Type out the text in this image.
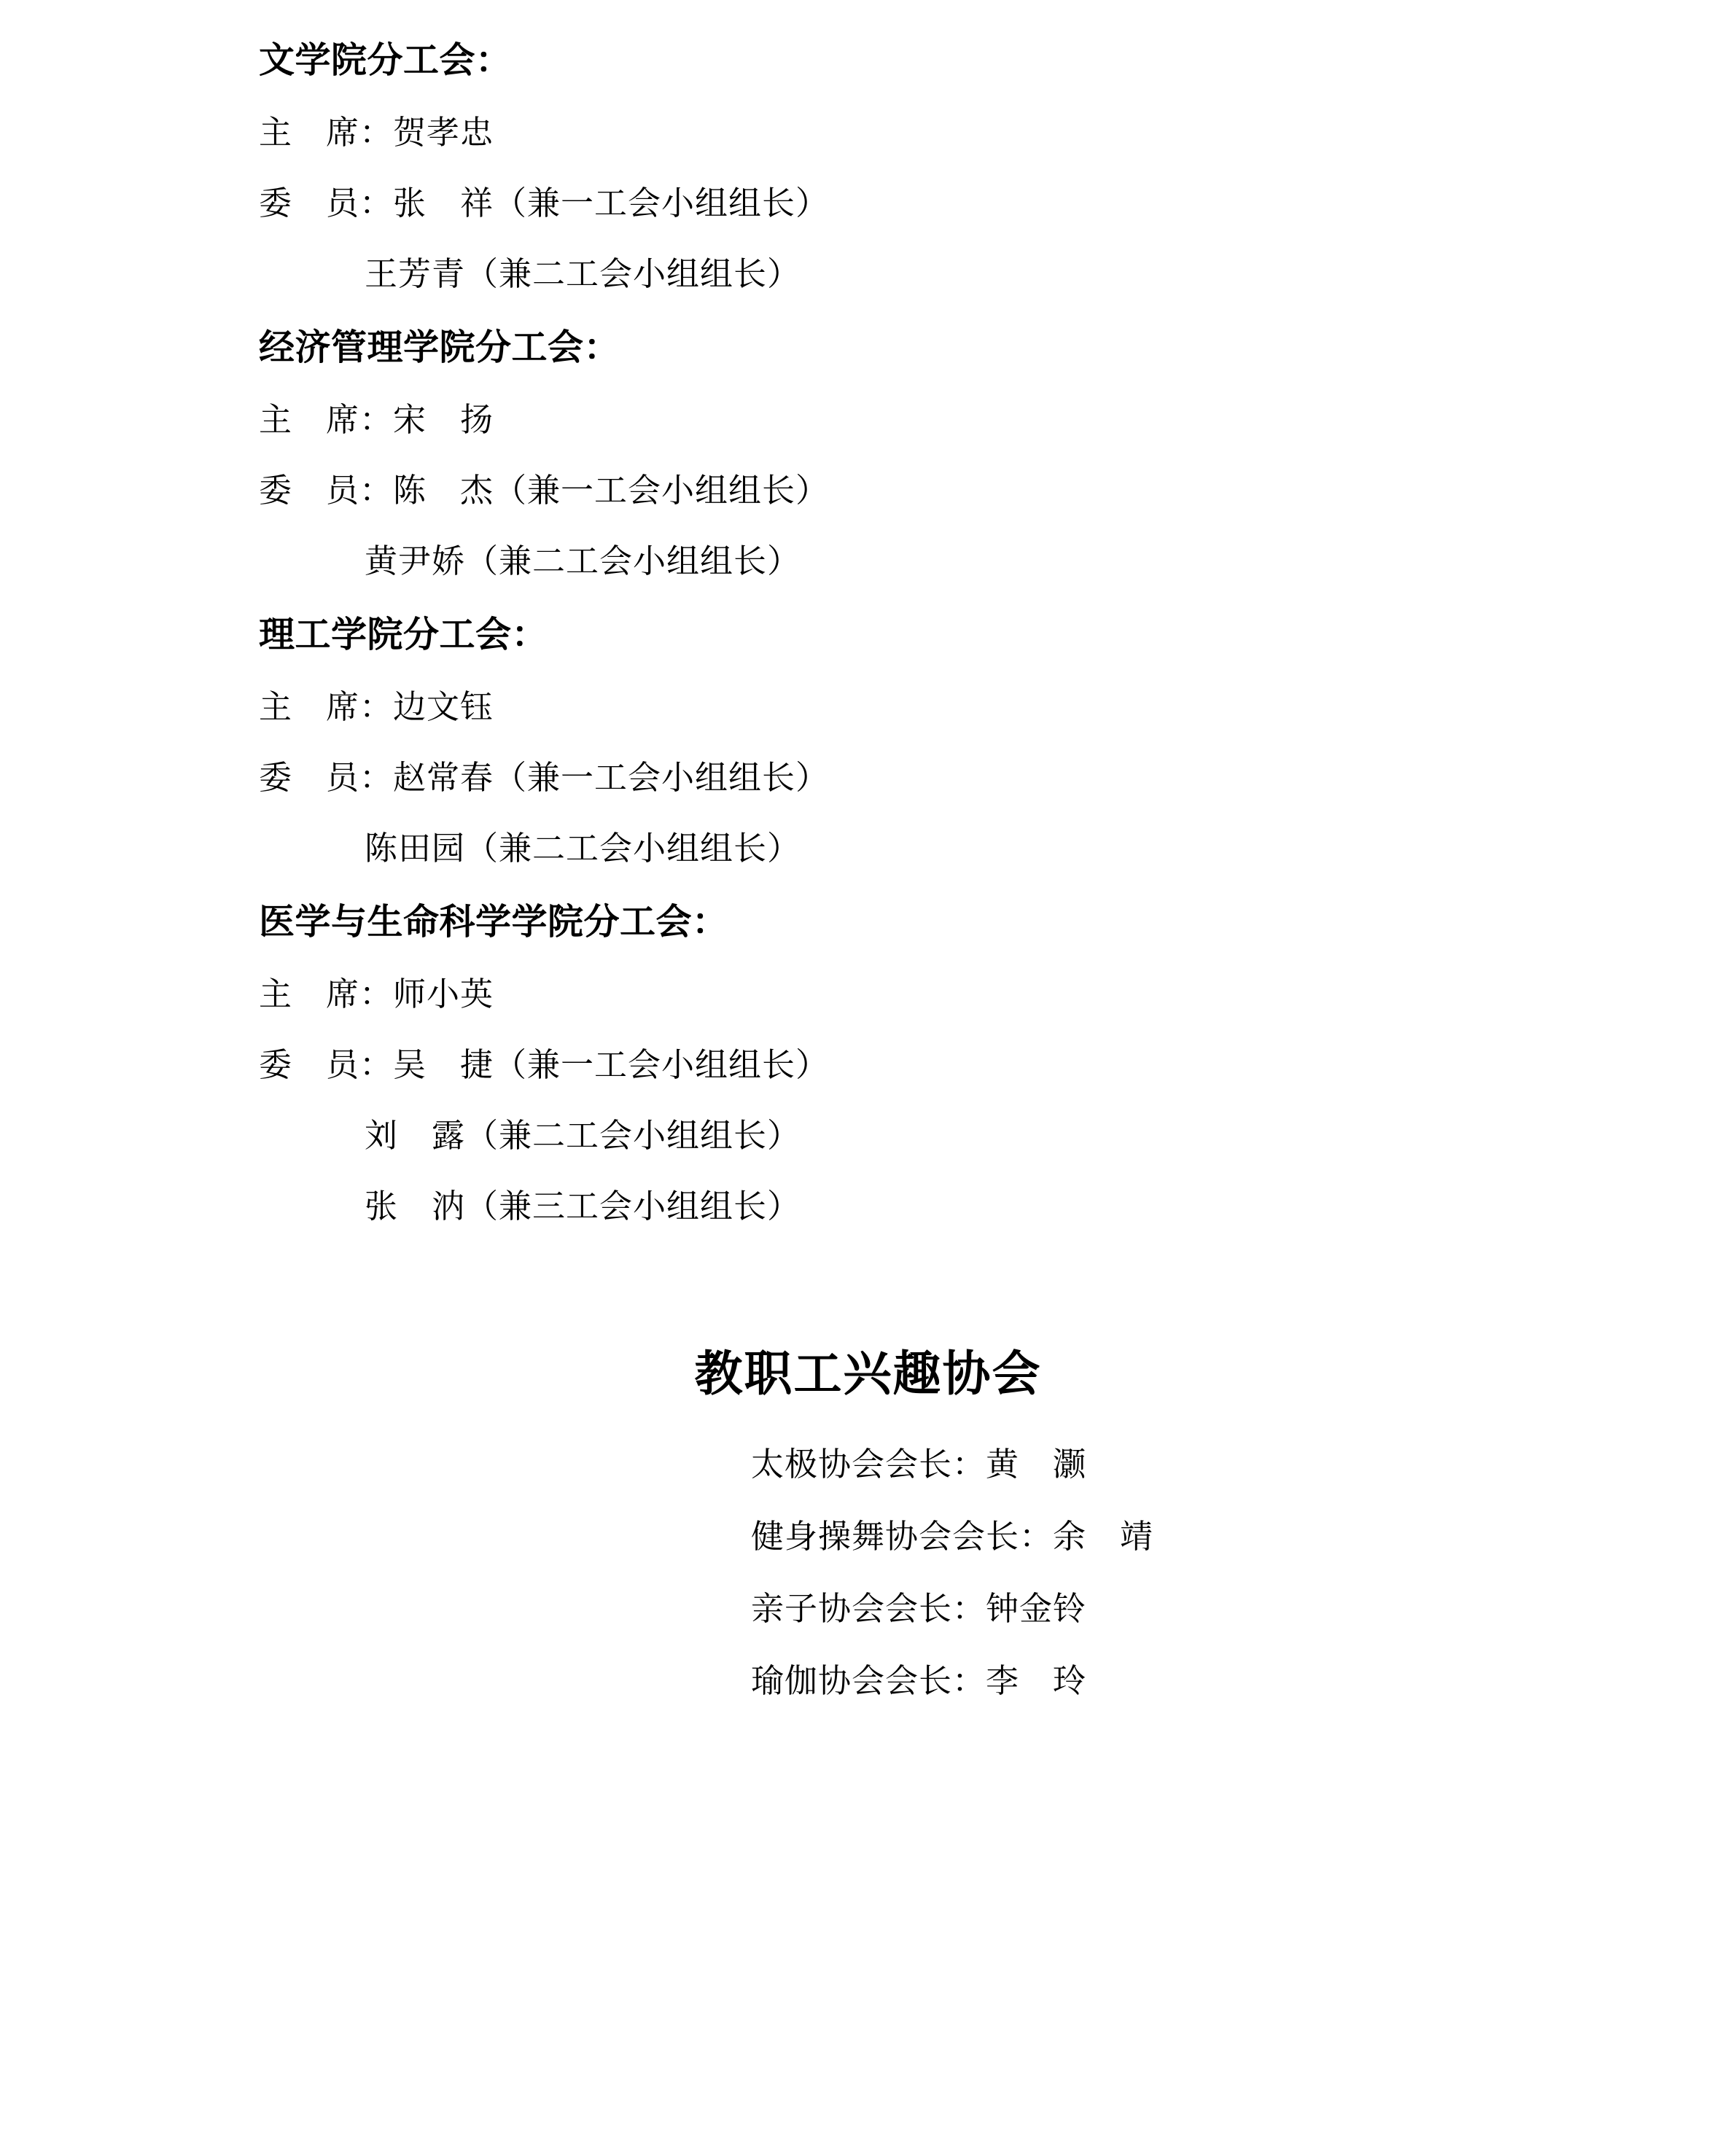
文学院分工会：
主　席：贺孝忠
委　员：张　祥（兼一工会小组组长）
王芳青（兼二工会小组组长）
经济管理学院分工会：
主　席：宋　扬
委　员：陈　杰（兼一工会小组组长）
黄尹娇（兼二工会小组组长）
理工学院分工会：
主　席：边文钰
委　员：赵常春（兼一工会小组组长）
陈田园（兼二工会小组组长）
医学与生命科学学院分工会：
主　席：师小英
委　员：吴　捷（兼一工会小组组长）
刘　露（兼二工会小组组长）
张　汭（兼三工会小组组长）
教职工兴趣协会
太极协会会长：黄　灏
健身操舞协会会长：余　靖
亲子协会会长：钟金铃
瑜伽协会会长：李　玲
